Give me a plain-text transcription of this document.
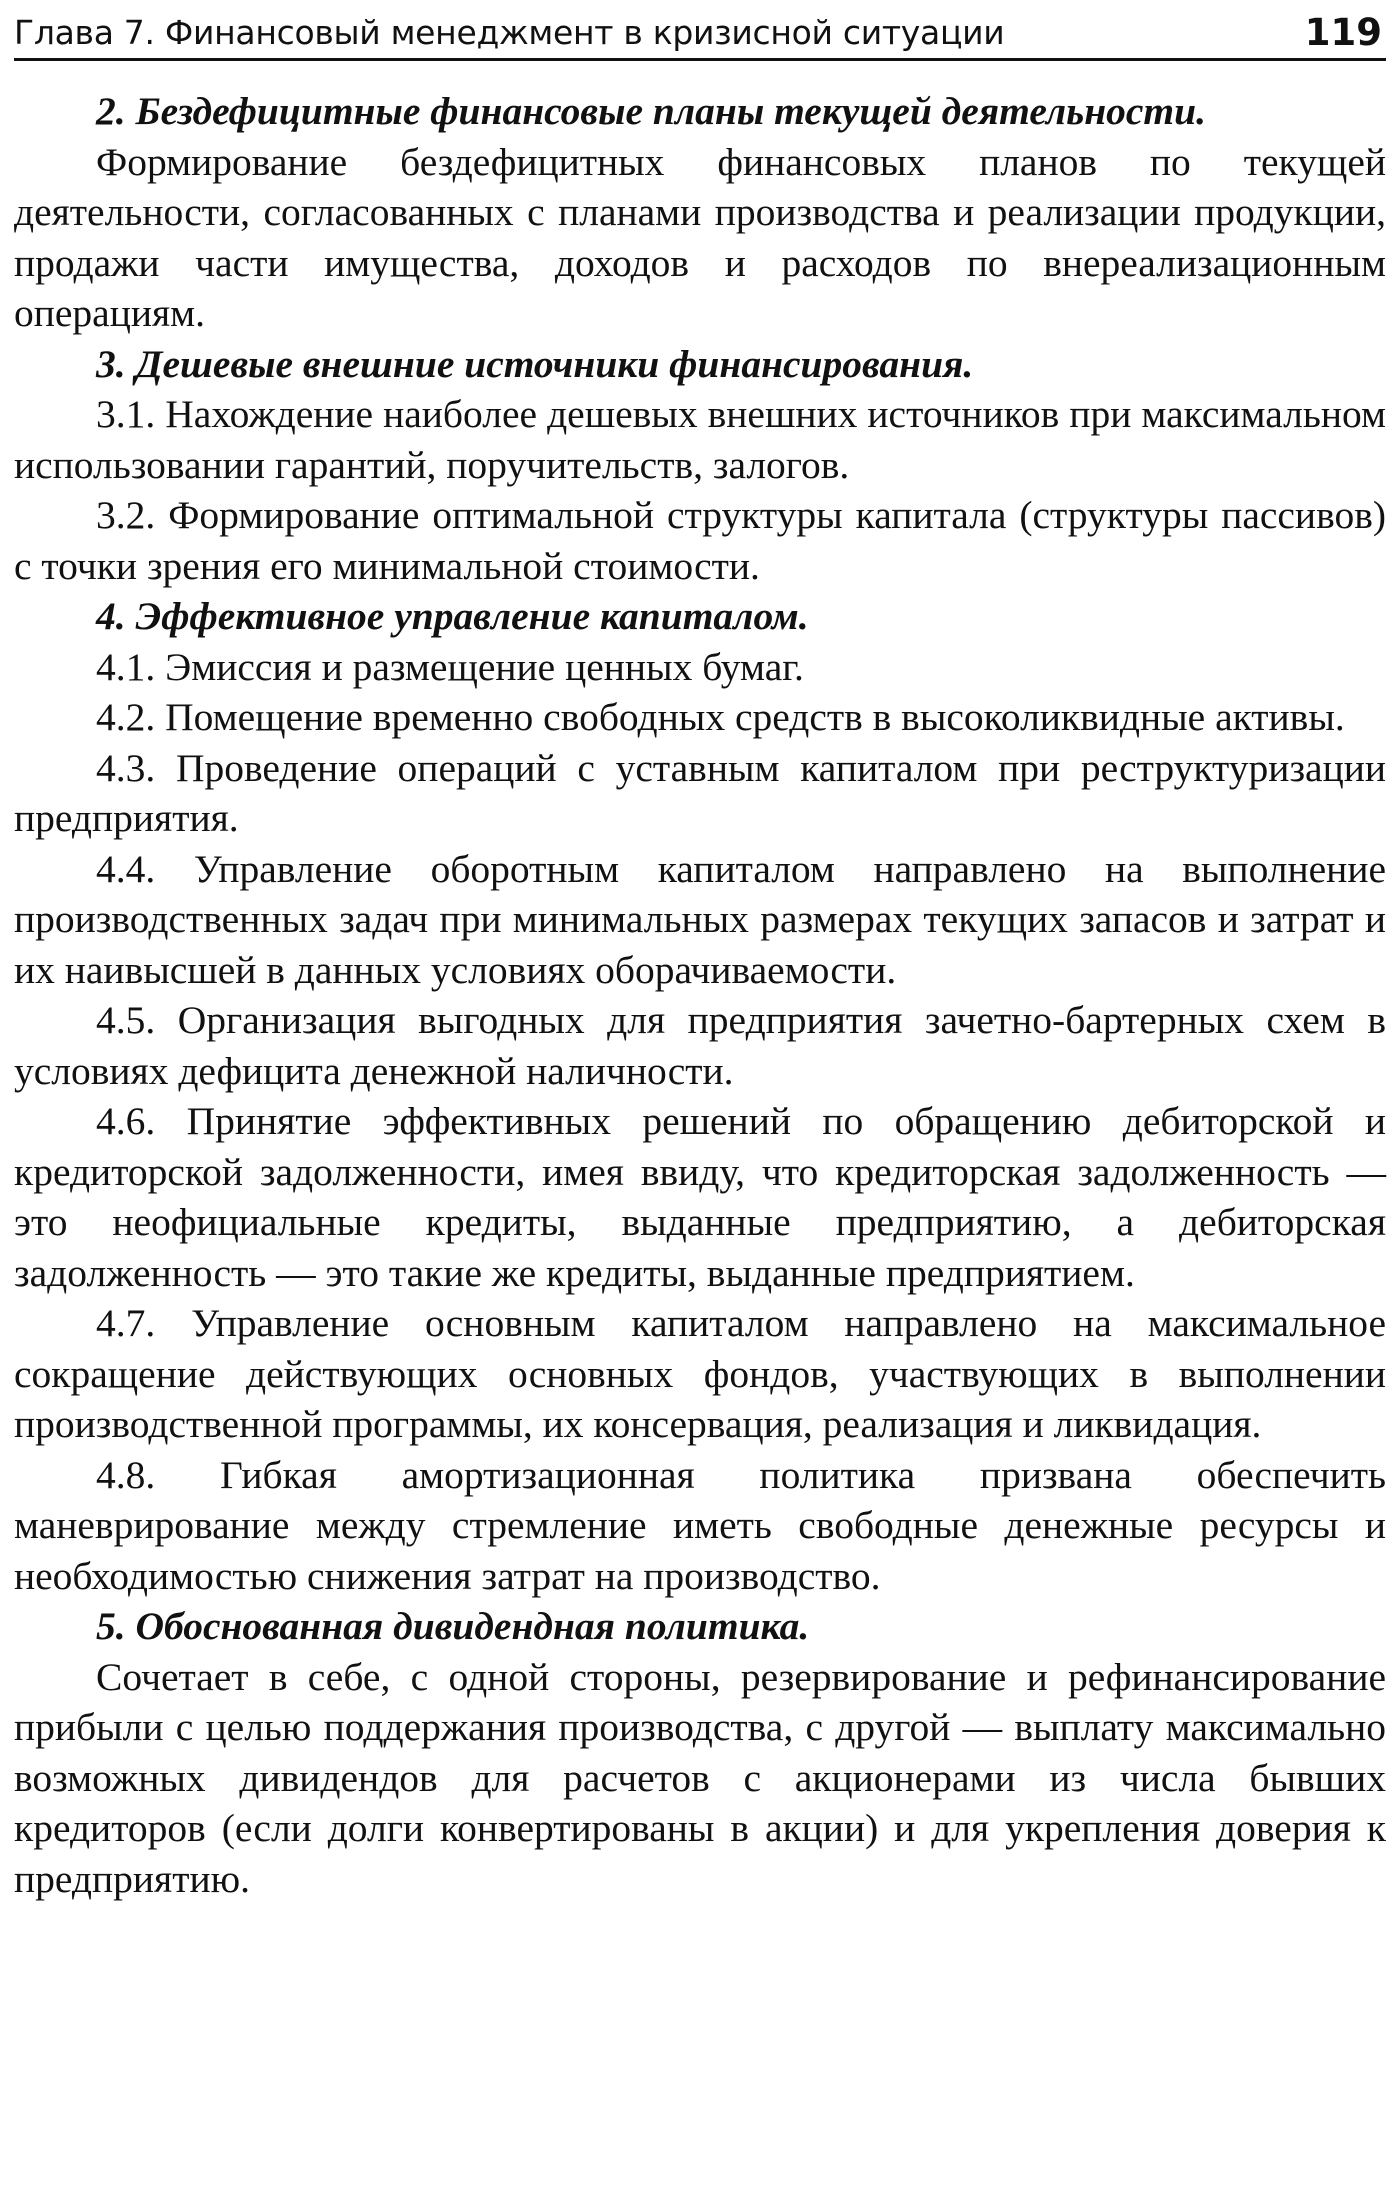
Глава 7. Финансовый менеджмент в кризисной ситуации	119

2. Бездефицитные финансовые планы текущей деятельности.

Формирование бездефицитных финансовых планов по текущей деятельности, согласованных с планами производства и реализации продукции, продажи части имущества, доходов и расходов по внереализационным операциям.

3. Дешевые внешние источники финансирования.

3.1. Нахождение наиболее дешевых внешних источников при максимальном использовании гарантий, поручительств, залогов.

3.2. Формирование оптимальной структуры капитала (структуры пассивов) с точки зрения его минимальной стоимости.

4. Эффективное управление капиталом.

4.1. Эмиссия и размещение ценных бумаг.

4.2. Помещение временно свободных средств в высоколиквидные активы.

4.3. Проведение операций с уставным капиталом при реструктуризации предприятия.

4.4. Управление оборотным капиталом направлено на выполнение производственных задач при минимальных размерах текущих запасов и затрат и их наивысшей в данных условиях оборачиваемости.

4.5. Организация выгодных для предприятия зачетно-бартерных схем в условиях дефицита денежной наличности.

4.6. Принятие эффективных решений по обращению дебиторской и кредиторской задолженности, имея ввиду, что кредиторская задолженность — это неофициальные кредиты, выданные предприятию, а дебиторская задолженность — это такие же кредиты, выданные предприятием.

4.7. Управление основным капиталом направлено на максимальное сокращение действующих основных фондов, участвующих в выполнении производственной программы, их консервация, реализация и ликвидация.

4.8. Гибкая амортизационная политика призвана обеспечить маневрирование между стремление иметь свободные денежные ресурсы и необходимостью снижения затрат на производство.

5. Обоснованная дивидендная политика.

Сочетает в себе, с одной стороны, резервирование и рефинансирование прибыли с целью поддержания производства, с другой — выплату максимально возможных дивидендов для расчетов с акционерами из числа бывших кредиторов (если долги конвертированы в акции) и для укрепления доверия к предприятию.
